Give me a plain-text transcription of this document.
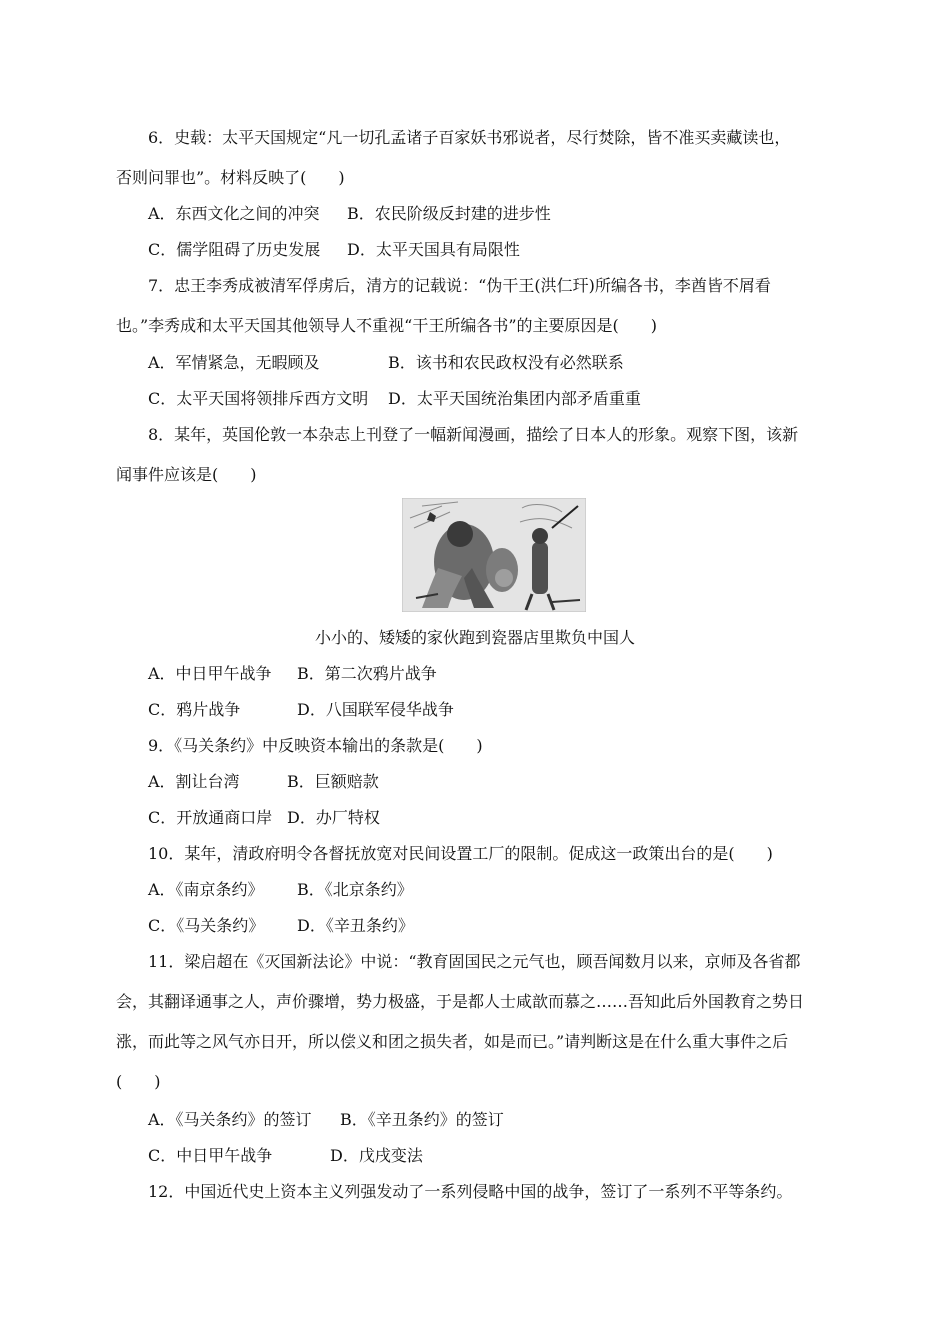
6．史载：太平天国规定“凡一切孔孟诸子百家妖书邪说者，尽行焚除，皆不准买卖藏读也，
否则问罪也”。材料反映了(　　)
A．东西文化之间的冲突 B．农民阶级反封建的进步性
C．儒学阻碍了历史发展 D．太平天国具有局限性
7．忠王李秀成被清军俘虏后，清方的记载说：“伪干王(洪仁玕)所编各书，李酋皆不屑看
也。”李秀成和太平天国其他领导人不重视“干王所编各书”的主要原因是(　　)
A．军情紧急，无暇顾及	B．该书和农民政权没有必然联系
C．太平天国将领排斥西方文明 D．太平天国统治集团内部矛盾重重
8．某年，英国伦敦一本杂志上刊登了一幅新闻漫画，描绘了日本人的形象。观察下图，该新
闻事件应该是(　　)
小小的、矮矮的家伙跑到瓷器店里欺负中国人
A．中日甲午战争 B．第二次鸦片战争
C．鸦片战争	D．八国联军侵华战争
9．《马关条约》中反映资本输出的条款是(　　)
A．割让台湾	B．巨额赔款
C．开放通商口岸 D．办厂特权
10．某年，清政府明令各督抚放宽对民间设置工厂的限制。促成这一政策出台的是(　　)
A．《南京条约》 B．《北京条约》
C．《马关条约》 D．《辛丑条约》
11．梁启超在《灭国新法论》中说：“教育固国民之元气也，顾吾闻数月以来，京师及各省都
会，其翻译通事之人，声价骤增，势力极盛，于是都人士咸歆而慕之……吾知此后外国教育之势日
涨，而此等之风气亦日开，所以偿义和团之损失者，如是而已。”请判断这是在什么重大事件之后
(　　)
A．《马关条约》的签订 B．《辛丑条约》的签订
C．中日甲午战争	D．戊戌变法
12．中国近代史上资本主义列强发动了一系列侵略中国的战争，签订了一系列不平等条约。
